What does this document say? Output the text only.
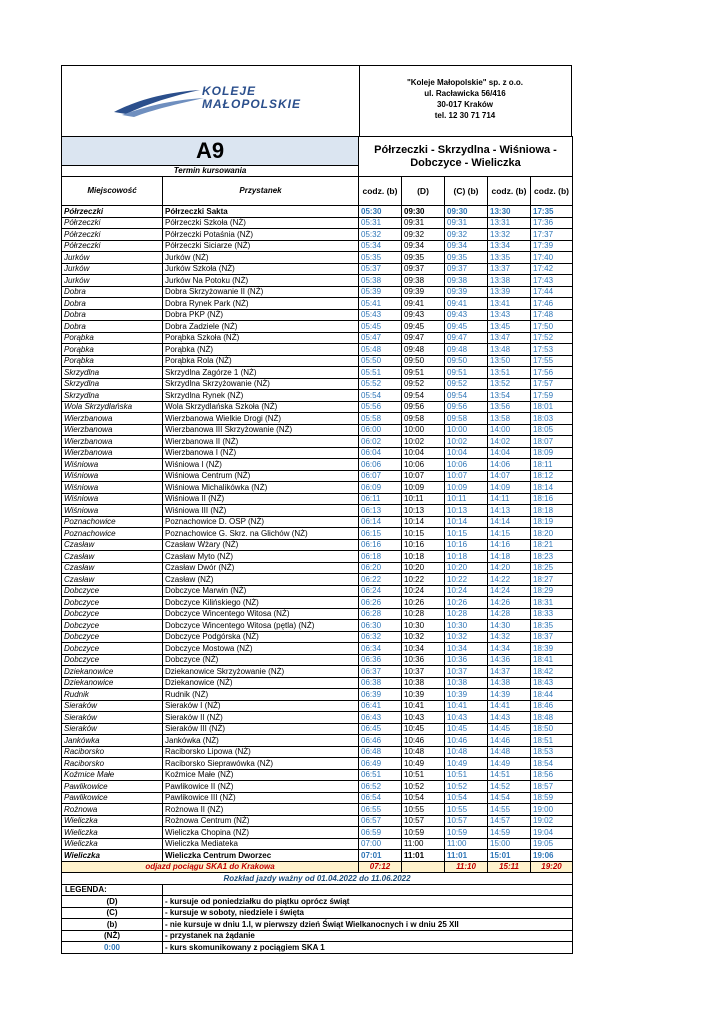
KOLEJE
MAŁOPOLSKIE
"Koleje Małopolskie" sp. z o.o.
ul. Racławicka 56/416
30-017 Kraków
tel. 12 30 71 714
A9		Półrzeczki - Skrzydlna - Wiśniowa - Dobczyce - Wieliczka				
Termin kursowania						
Miejscowość	Przystanek	codz. (b)	(D)	(C) (b)	codz. (b)	codz. (b)
Półrzeczki	Półrzeczki Sakta	05:30	09:30	09:30	13:30	17:35
Półrzeczki	Półrzeczki Szkoła (NŻ)	05:31	09:31	09:31	13:31	17:36
Półrzeczki	Półrzeczki Potaśnia (NŻ)	05:32	09:32	09:32	13:32	17:37
Półrzeczki	Półrzeczki Siciarze (NŻ)	05:34	09:34	09:34	13:34	17:39
Jurków	Jurków (NŻ)	05:35	09:35	09:35	13:35	17:40
Jurków	Jurków Szkoła (NŻ)	05:37	09:37	09:37	13:37	17:42
Jurków	Jurków Na Potoku (NŻ)	05:38	09:38	09:38	13:38	17:43
Dobra	Dobra Skrzyżowanie II (NŻ)	05:39	09:39	09:39	13:39	17:44
Dobra	Dobra Rynek Park (NŻ)	05:41	09:41	09:41	13:41	17:46
Dobra	Dobra PKP (NŻ)	05:43	09:43	09:43	13:43	17:48
Dobra	Dobra Zadziele (NŻ)	05:45	09:45	09:45	13:45	17:50
Porąbka	Porąbka Szkoła (NŻ)	05:47	09:47	09:47	13:47	17:52
Porąbka	Porąbka (NŻ)	05:48	09:48	09:48	13:48	17:53
Porąbka	Porąbka Rola (NŻ)	05:50	09:50	09:50	13:50	17:55
Skrzydlna	Skrzydlna Zagórze 1 (NŻ)	05:51	09:51	09:51	13:51	17:56
Skrzydlna	Skrzydlna Skrzyżowanie (NŻ)	05:52	09:52	09:52	13:52	17:57
Skrzydlna	Skrzydlna Rynek (NŻ)	05:54	09:54	09:54	13:54	17:59
Wola Skrzydlańska	Wola Skrzydlańska Szkoła (NŻ)	05:56	09:56	09:56	13:56	18:01
Wierzbanowa	Wierzbanowa Wielkie Drogi (NŻ)	05:58	09:58	09:58	13:58	18:03
Wierzbanowa	Wierzbanowa III Skrzyżowanie (NŻ)	06:00	10:00	10:00	14:00	18:05
Wierzbanowa	Wierzbanowa II (NŻ)	06:02	10:02	10:02	14:02	18:07
Wierzbanowa	Wierzbanowa I (NŻ)	06:04	10:04	10:04	14:04	18:09
Wiśniowa	Wiśniowa I (NŻ)	06:06	10:06	10:06	14:06	18:11
Wiśniowa	Wiśniowa Centrum (NŻ)	06:07	10:07	10:07	14:07	18:12
Wiśniowa	Wiśniowa Michalikówka (NŻ)	06:09	10:09	10:09	14:09	18:14
Wiśniowa	Wiśniowa II (NŻ)	06:11	10:11	10:11	14:11	18:16
Wiśniowa	Wiśniowa III (NŻ)	06:13	10:13	10:13	14:13	18:18
Poznachowice	Poznachowice D. OSP (NŻ)	06:14	10:14	10:14	14:14	18:19
Poznachowice	Poznachowice G. Skrz. na Glichów (NŻ)	06:15	10:15	10:15	14:15	18:20
Czasław	Czasław Wżary (NŻ)	06:16	10:16	10:16	14:16	18:21
Czasław	Czasław Myto (NŻ)	06:18	10:18	10:18	14:18	18:23
Czasław	Czasław Dwór (NŻ)	06:20	10:20	10:20	14:20	18:25
Czasław	Czasław (NŻ)	06:22	10:22	10:22	14:22	18:27
Dobczyce	Dobczyce Marwin (NŻ)	06:24	10:24	10:24	14:24	18:29
Dobczyce	Dobczyce Kilińskiego (NŻ)	06:26	10:26	10:26	14:26	18:31
Dobczyce	Dobczyce Wincentego Witosa (NŻ)	06:28	10:28	10:28	14:28	18:33
Dobczyce	Dobczyce Wincentego Witosa (pętla) (NŻ)	06:30	10:30	10:30	14:30	18:35
Dobczyce	Dobczyce Podgórska (NŻ)	06:32	10:32	10:32	14:32	18:37
Dobczyce	Dobczyce Mostowa (NŻ)	06:34	10:34	10:34	14:34	18:39
Dobczyce	Dobczyce (NŻ)	06:36	10:36	10:36	14:36	18:41
Dziekanowice	Dziekanowice Skrzyżowanie (NŻ)	06:37	10:37	10:37	14:37	18:42
Dziekanowice	Dziekanowice (NŻ)	06:38	10:38	10:38	14:38	18:43
Rudnik	Rudnik (NŻ)	06:39	10:39	10:39	14:39	18:44
Sieraków	Sieraków I (NŻ)	06:41	10:41	10:41	14:41	18:46
Sieraków	Sieraków II (NŻ)	06:43	10:43	10:43	14:43	18:48
Sieraków	Sieraków III (NŻ)	06:45	10:45	10:45	14:45	18:50
Jankówka	Jankówka (NŻ)	06:46	10:46	10:46	14:46	18:51
Raciborsko	Raciborsko Lipowa (NŻ)	06:48	10:48	10:48	14:48	18:53
Raciborsko	Raciborsko Sieprawówka (NŻ)	06:49	10:49	10:49	14:49	18:54
Koźmice Małe	Koźmice Małe (NŻ)	06:51	10:51	10:51	14:51	18:56
Pawlikowice	Pawlikowice II (NŻ)	06:52	10:52	10:52	14:52	18:57
Pawlikowice	Pawlikowice III (NŻ)	06:54	10:54	10:54	14:54	18:59
Rożnowa	Rożnowa II (NŻ)	06:55	10:55	10:55	14:55	19:00
Wieliczka	Rożnowa Centrum (NŻ)	06:57	10:57	10:57	14:57	19:02
Wieliczka	Wieliczka Chopina (NŻ)	06:59	10:59	10:59	14:59	19:04
Wieliczka	Wieliczka Mediateka	07:00	11:00	11:00	15:00	19:05
Wieliczka	Wieliczka Centrum Dworzec	07:01	11:01	11:01	15:01	19:06
odjazd pociągu SKA1 do Krakowa		07:12		11:10	15:11	19:20
Rozkład jazdy ważny od 01.04.2022 do 11.06.2022						
LEGENDA:						
(D)	- kursuje od poniedziałku do piątku oprócz świąt					
(C)	- kursuje w soboty, niedziele i święta					
(b)	- nie kursuje w dniu 1.I, w pierwszy dzień Świąt Wielkanocnych i w dniu 25 XII					
(NŻ)	- przystanek na żądanie					
0:00	- kurs skomunikowany z pociągiem SKA 1					
